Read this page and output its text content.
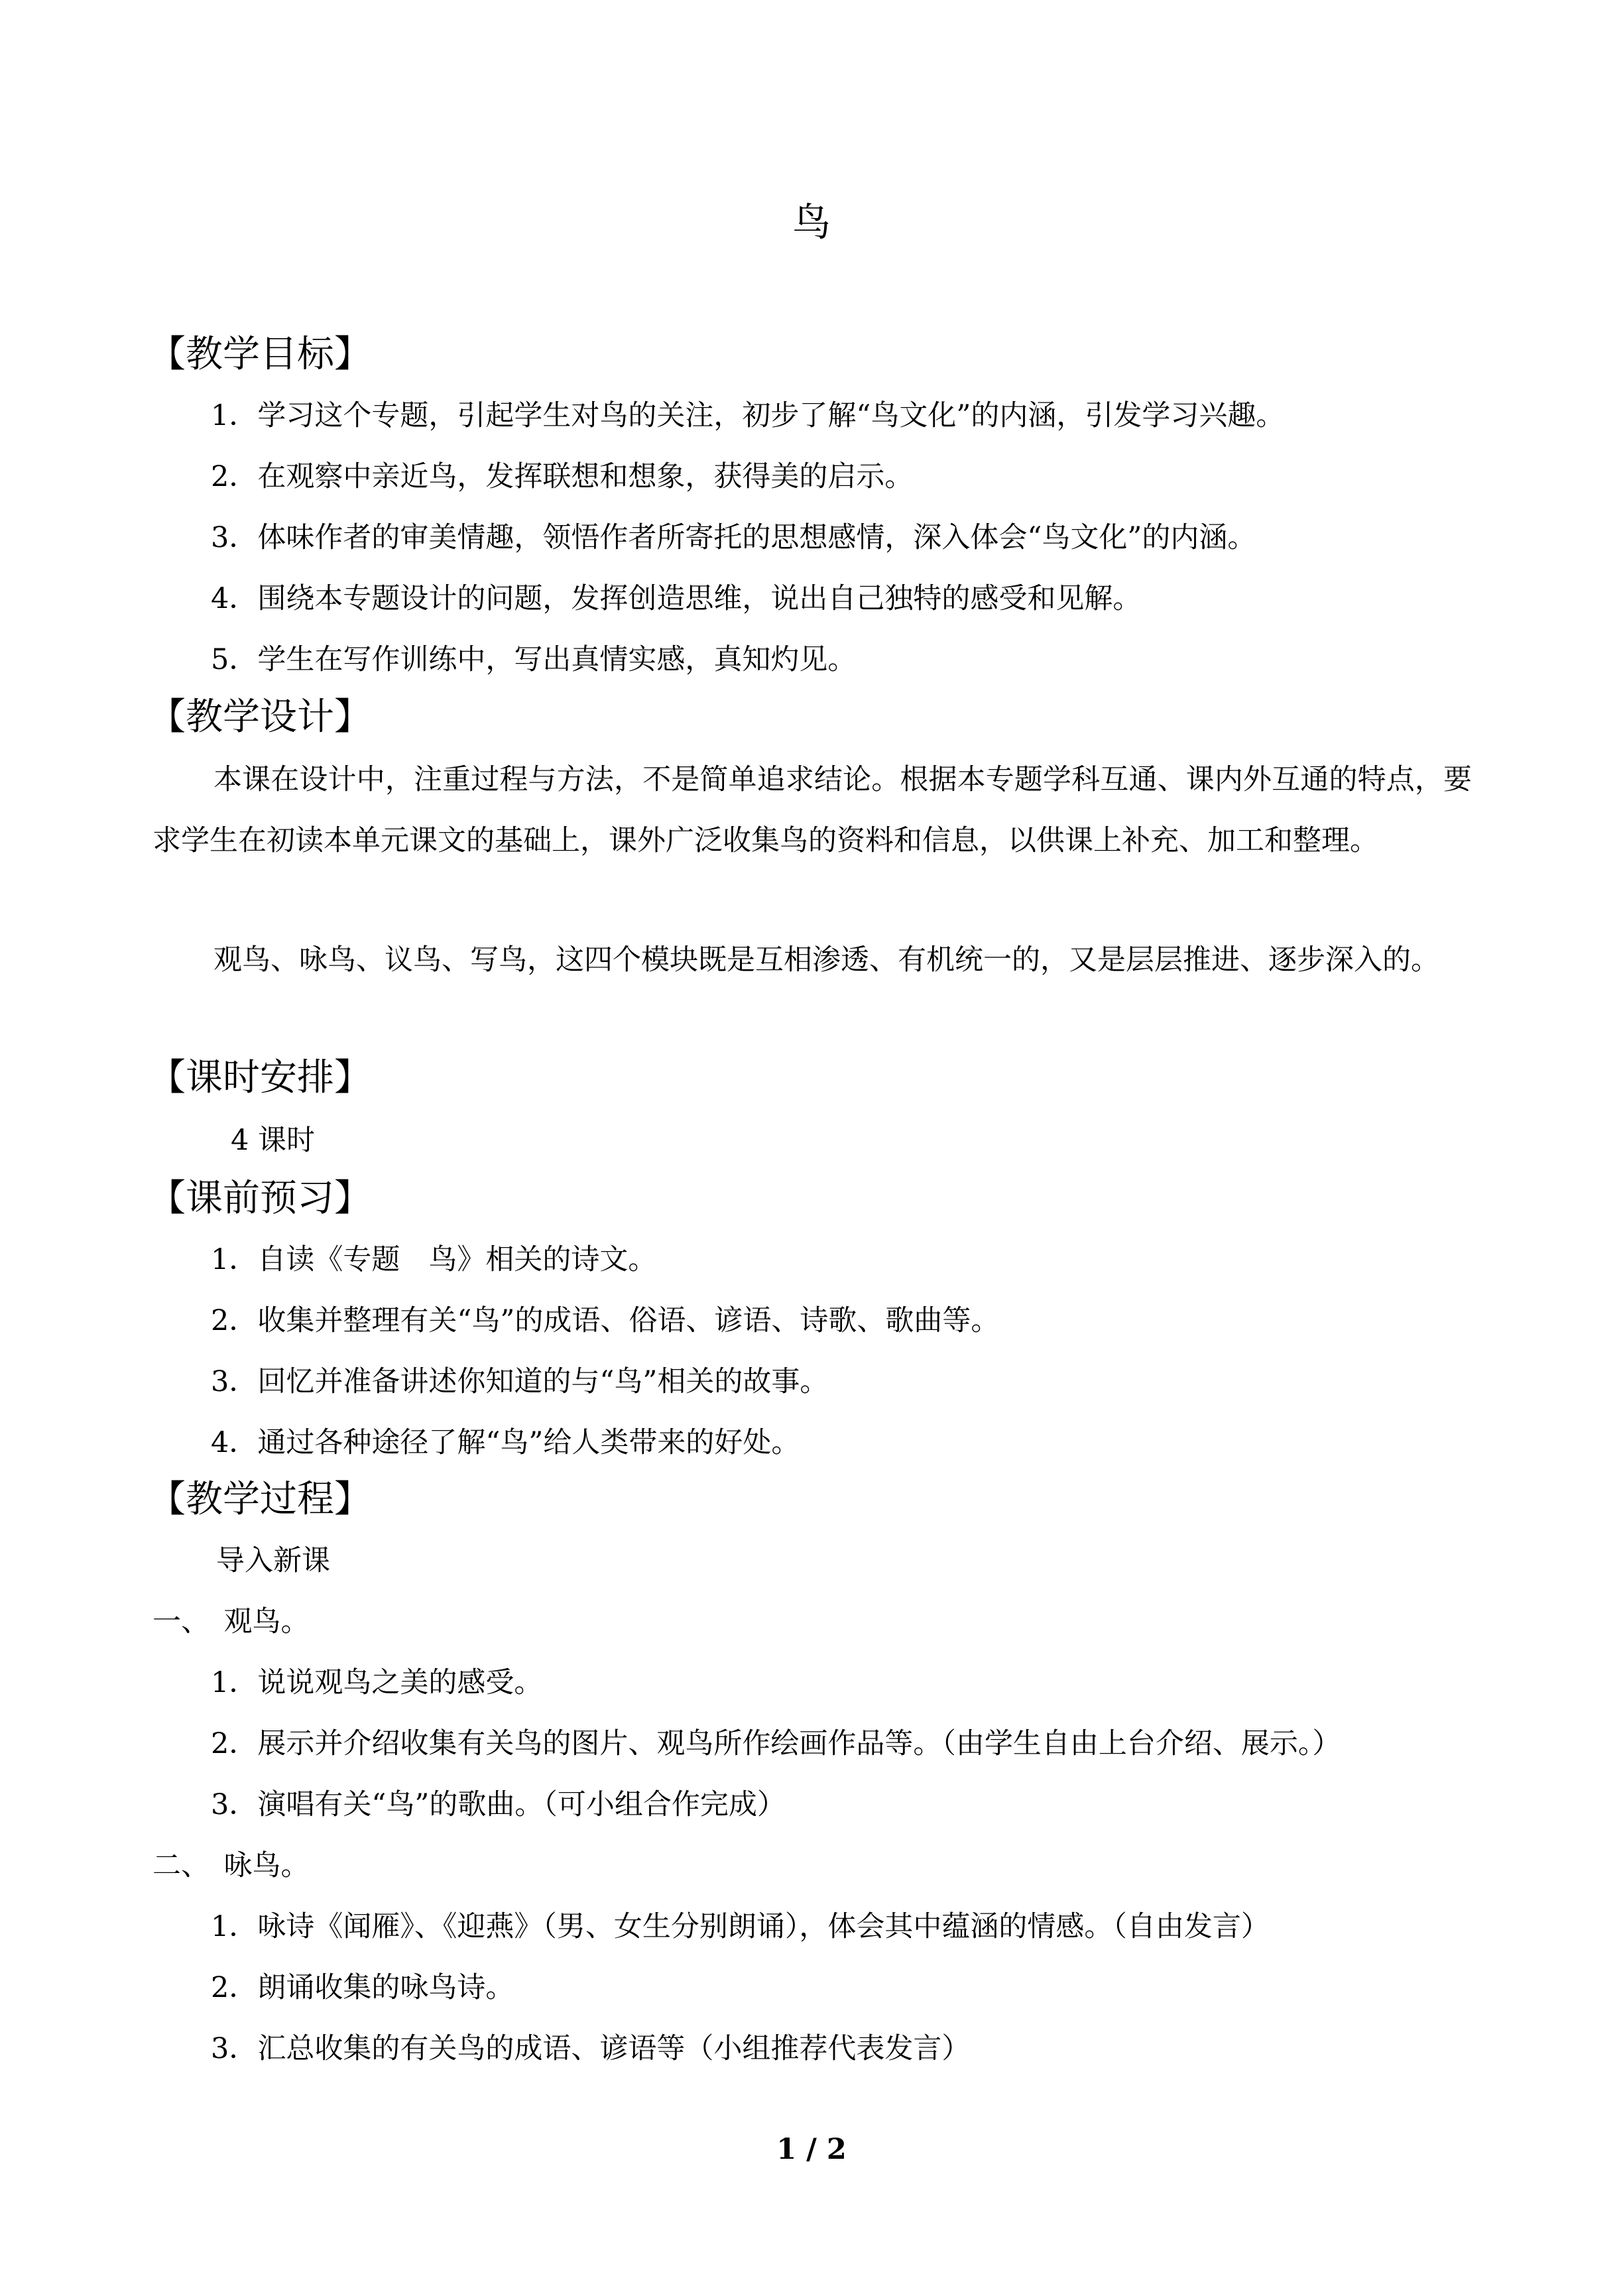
鸟
【教学目标】
1．学习这个专题，引起学生对鸟的关注，初步了解“鸟文化”的内涵，引发学习兴趣。
2．在观察中亲近鸟，发挥联想和想象，获得美的启示。
3．体味作者的审美情趣，领悟作者所寄托的思想感情，深入体会“鸟文化”的内涵。
4．围绕本专题设计的问题，发挥创造思维，说出自己独特的感受和见解。
5．学生在写作训练中，写出真情实感，真知灼见。
【教学设计】
本课在设计中，注重过程与方法，不是简单追求结论。根据本专题学科互通、课内外互通的特点，要求学生在初读本单元课文的基础上，课外广泛收集鸟的资料和信息，以供课上补充、加工和整理。
观鸟、咏鸟、议鸟、写鸟，这四个模块既是互相渗透、有机统一的，又是层层推进、逐步深入的。
【课时安排】
4 课时
【课前预习】
1．自读《专题　鸟》相关的诗文。
2．收集并整理有关“鸟”的成语、俗语、谚语、诗歌、歌曲等。
3．回忆并准备讲述你知道的与“鸟”相关的故事。
4．通过各种途径了解“鸟”给人类带来的好处。
【教学过程】
导入新课
一、　观鸟。
1．说说观鸟之美的感受。
2．展示并介绍收集有关鸟的图片、观鸟所作绘画作品等。（由学生自由上台介绍、展示。）
3．演唱有关“鸟”的歌曲。（可小组合作完成）
二、　咏鸟。
1．咏诗《闻雁》、《迎燕》（男、女生分别朗诵），体会其中蕴涵的情感。（自由发言）
2．朗诵收集的咏鸟诗。
3．汇总收集的有关鸟的成语、谚语等（小组推荐代表发言）
1 / 2
